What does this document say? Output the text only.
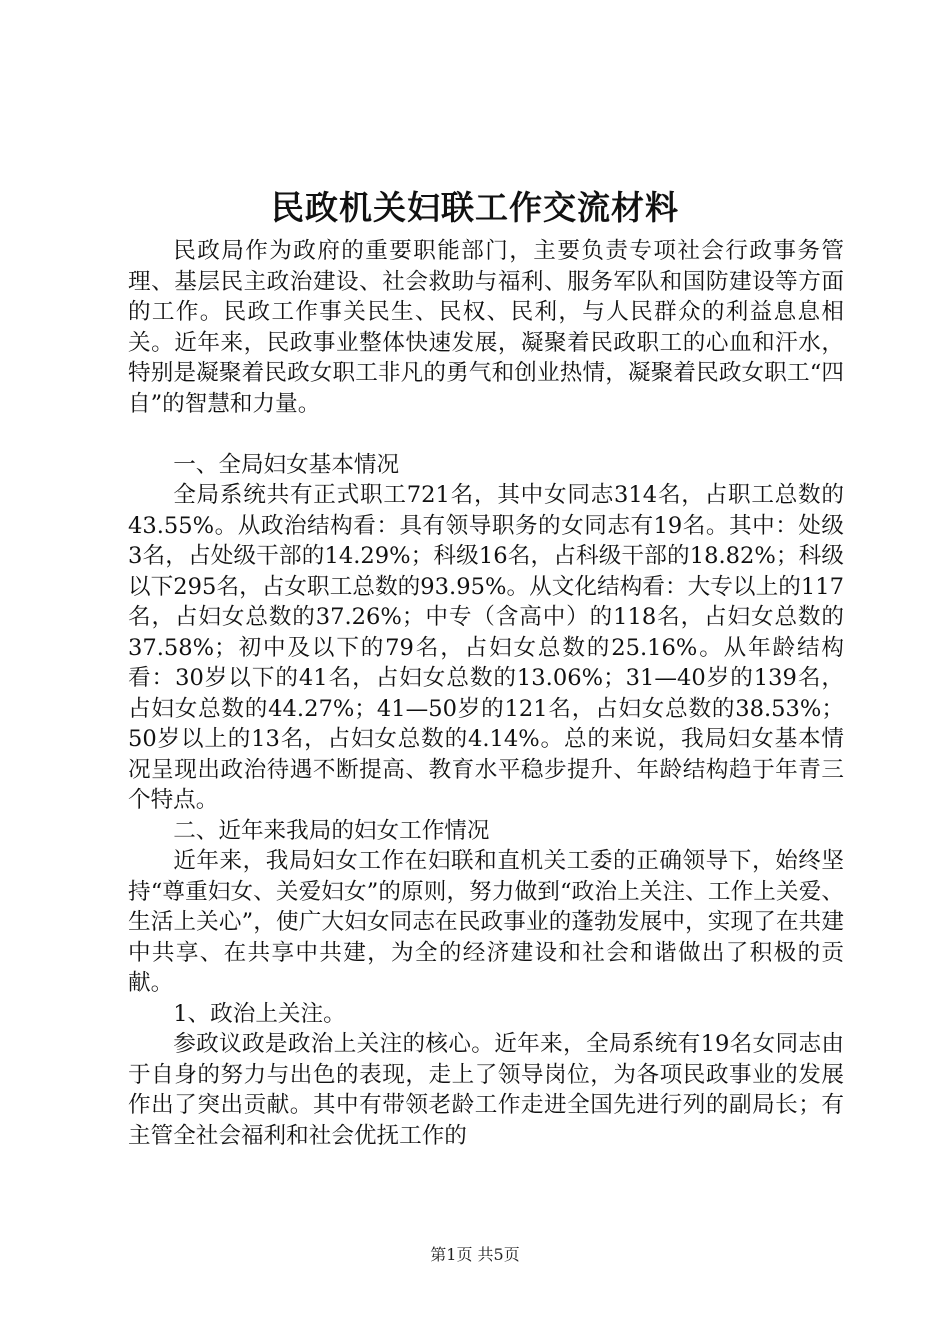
民政机关妇联工作交流材料

民政局作为政府的重要职能部门，主要负责专项社会行政事务管理、基层民主政治建设、社会救助与福利、服务军队和国防建设等方面的工作。民政工作事关民生、民权、民利，与人民群众的利益息息相关。近年来，民政事业整体快速发展，凝聚着民政职工的心血和汗水，特别是凝聚着民政女职工非凡的勇气和创业热情，凝聚着民政女职工“四自”的智慧和力量。

一、全局妇女基本情况

全局系统共有正式职工721名，其中女同志314名，占职工总数的43.55%。从政治结构看：具有领导职务的女同志有19名。其中：处级3名，占处级干部的14.29%；科级16名，占科级干部的18.82%；科级以下295名，占女职工总数的93.95%。从文化结构看：大专以上的117名，占妇女总数的37.26%；中专（含高中）的118名，占妇女总数的37.58%；初中及以下的79名，占妇女总数的25.16%。从年龄结构看：30岁以下的41名，占妇女总数的13.06%；31—40岁的139名，占妇女总数的44.27%；41—50岁的121名，占妇女总数的38.53%；50岁以上的13名，占妇女总数的4.14%。总的来说，我局妇女基本情况呈现出政治待遇不断提高、教育水平稳步提升、年龄结构趋于年青三个特点。

二、近年来我局的妇女工作情况

近年来，我局妇女工作在妇联和直机关工委的正确领导下，始终坚持“尊重妇女、关爱妇女”的原则，努力做到“政治上关注、工作上关爱、生活上关心”，使广大妇女同志在民政事业的蓬勃发展中，实现了在共建中共享、在共享中共建，为全的经济建设和社会和谐做出了积极的贡献。

1、政治上关注。

参政议政是政治上关注的核心。近年来，全局系统有19名女同志由于自身的努力与出色的表现，走上了领导岗位，为各项民政事业的发展作出了突出贡献。其中有带领老龄工作走进全国先进行列的副局长；有主管全社会福利和社会优抚工作的

第1页 共5页
